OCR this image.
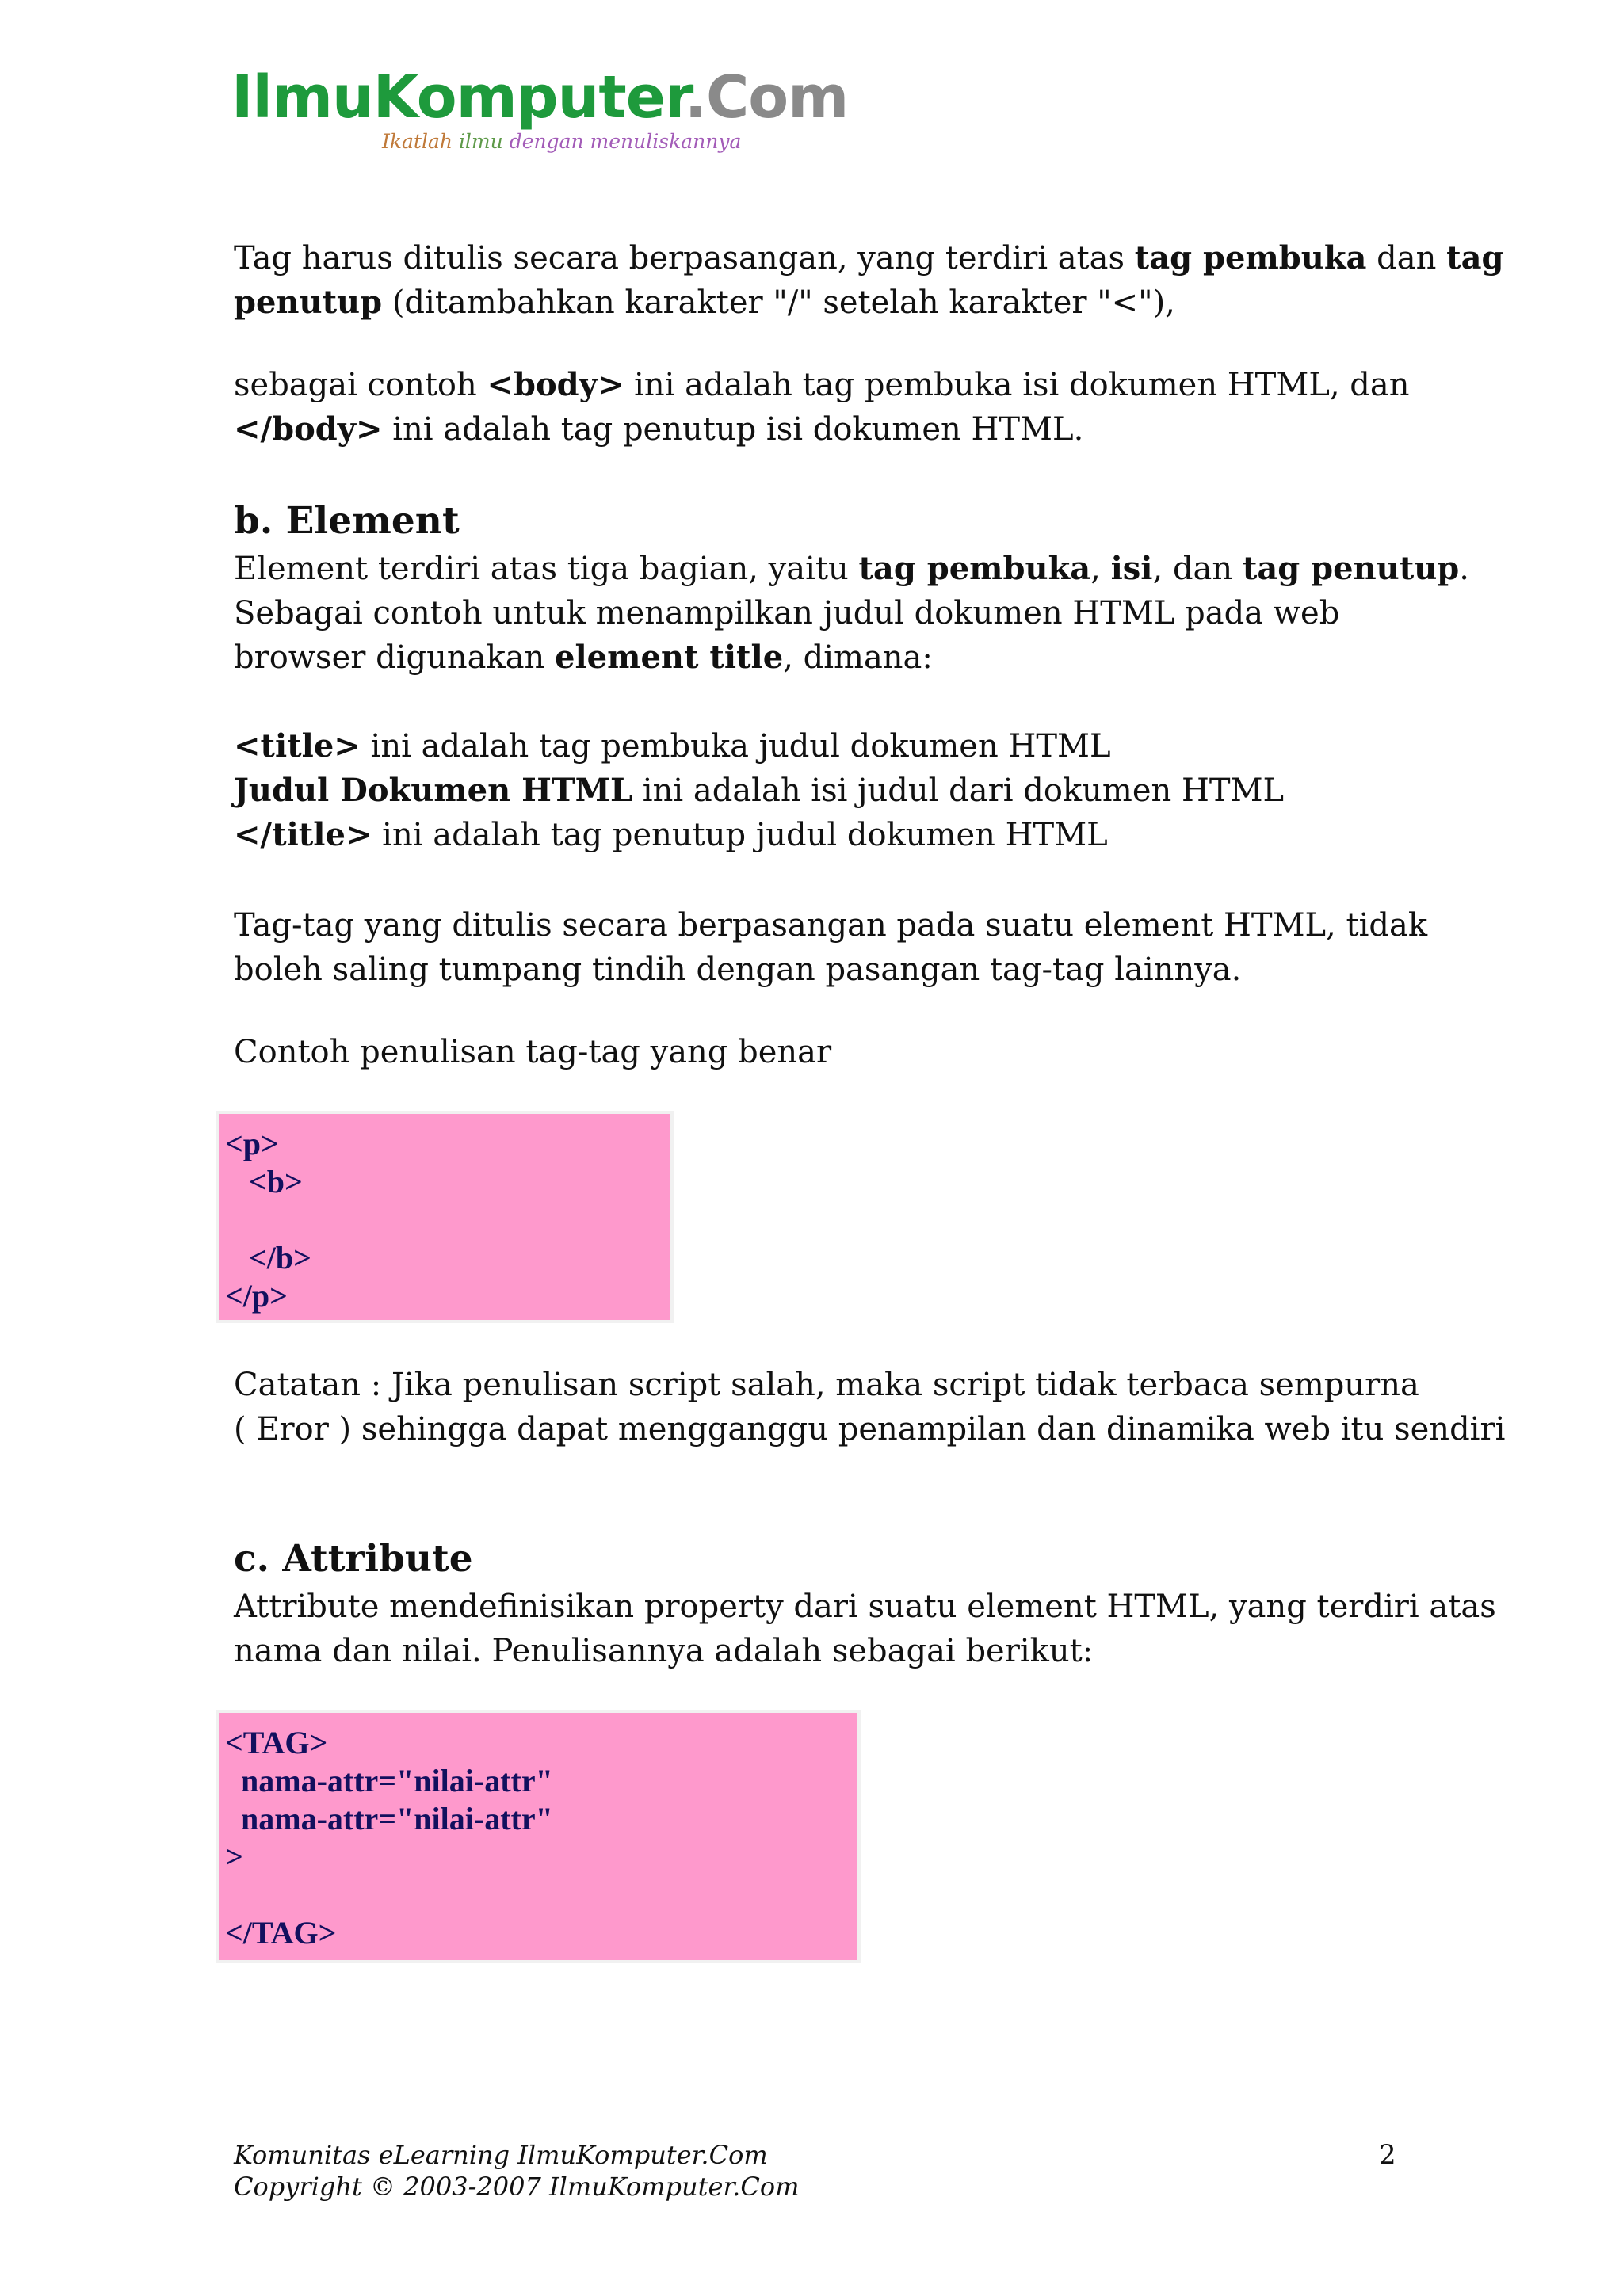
IlmuKomputer.Com
Ikatlah ilmu dengan menuliskannya
Tag harus ditulis secara berpasangan, yang terdiri atas tag pembuka dan tag
penutup (ditambahkan karakter "/" setelah karakter "<"),
sebagai contoh <body> ini adalah tag pembuka isi dokumen HTML, dan
</body> ini adalah tag penutup isi dokumen HTML.
b. Element
Element terdiri atas tiga bagian, yaitu tag pembuka, isi, dan tag penutup.
Sebagai contoh untuk menampilkan judul dokumen HTML pada web
browser digunakan element title, dimana:
<title> ini adalah tag pembuka judul dokumen HTML
Judul Dokumen HTML ini adalah isi judul dari dokumen HTML
</title> ini adalah tag penutup judul dokumen HTML
Tag-tag yang ditulis secara berpasangan pada suatu element HTML, tidak
boleh saling tumpang tindih dengan pasangan tag-tag lainnya.
Contoh penulisan tag-tag yang benar
<p>
<b>

</b>
</p>
Catatan : Jika penulisan script salah, maka script tidak terbaca sempurna
( Eror ) sehingga dapat mengganggu penampilan dan dinamika web itu sendiri
c. Attribute
Attribute mendefinisikan property dari suatu element HTML, yang terdiri atas
nama dan nilai. Penulisannya adalah sebagai berikut:
<TAG>
nama-attr="nilai-attr"
nama-attr="nilai-attr"
>

</TAG>
Komunitas eLearning IlmuKomputer.Com
Copyright © 2003-2007 IlmuKomputer.Com
2
